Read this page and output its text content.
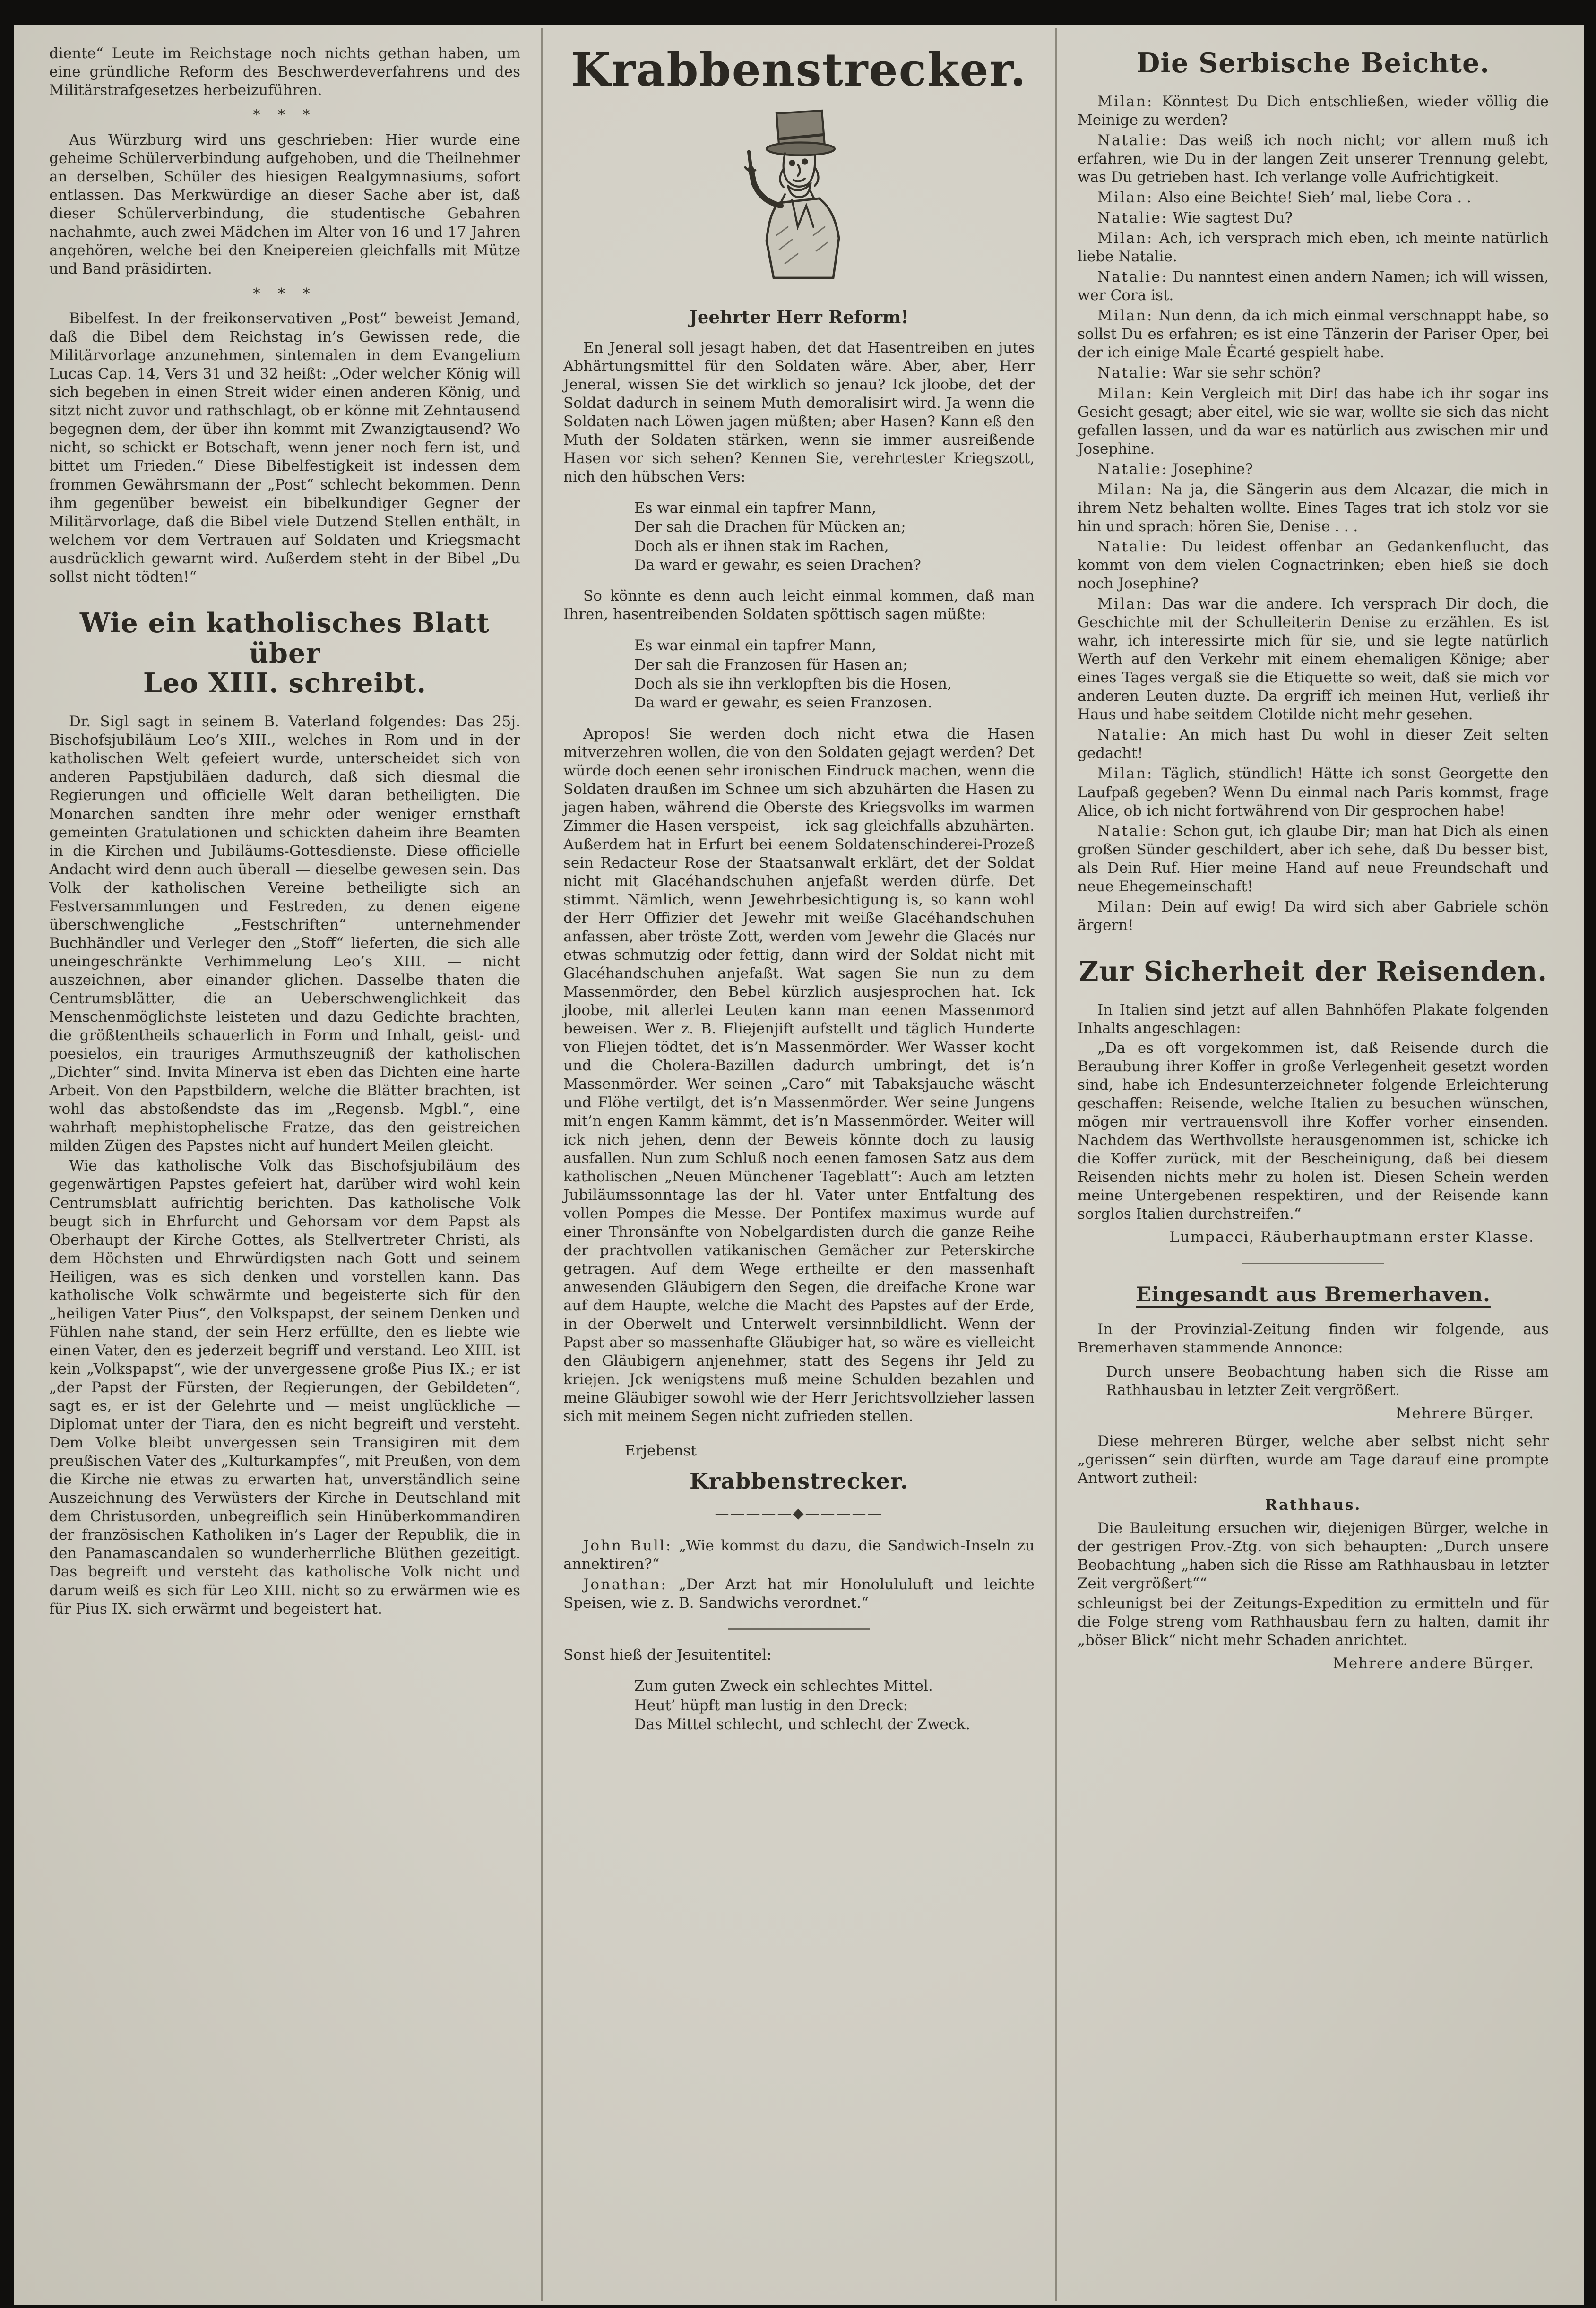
diente“ Leute im Reichstage noch nichts gethan haben, um eine gründliche Reform des Beschwerdeverfahrens und des Militärstrafgesetzes herbeizuführen.

* * *

Aus Würzburg wird uns geschrieben: Hier wurde eine geheime Schülerverbindung aufgehoben, und die Theilnehmer an derselben, Schüler des hiesigen Realgymnasiums, sofort entlassen. Das Merkwürdige an dieser Sache aber ist, daß dieser Schülerverbindung, die studentische Gebahren nachahmte, auch zwei Mädchen im Alter von 16 und 17 Jahren angehören, welche bei den Kneipereien gleichfalls mit Mütze und Band präsidirten.

* * *

Bibelfest. In der freikonservativen „Post“ beweist Jemand, daß die Bibel dem Reichstag in’s Gewissen rede, die Militärvorlage anzunehmen, sintemalen in dem Evangelium Lucas Cap. 14, Vers 31 und 32 heißt: „Oder welcher König will sich begeben in einen Streit wider einen anderen König, und sitzt nicht zuvor und rathschlagt, ob er könne mit Zehntausend begegnen dem, der über ihn kommt mit Zwanzigtausend? Wo nicht, so schickt er Botschaft, wenn jener noch fern ist, und bittet um Frieden.“ Diese Bibelfestigkeit ist indessen dem frommen Gewährsmann der „Post“ schlecht bekommen. Denn ihm gegenüber beweist ein bibelkundiger Gegner der Militärvorlage, daß die Bibel viele Dutzend Stellen enthält, in welchem vor dem Vertrauen auf Soldaten und Kriegsmacht ausdrücklich gewarnt wird. Außerdem steht in der Bibel „Du sollst nicht tödten!“

Wie ein katholisches Blatt über
Leo XIII. schreibt.

Dr. Sigl sagt in seinem B. Vaterland folgendes: Das 25j. Bischofsjubiläum Leo’s XIII., welches in Rom und in der katholischen Welt gefeiert wurde, unterscheidet sich von anderen Papstjubiläen dadurch, daß sich diesmal die Regierungen und officielle Welt daran betheiligten. Die Monarchen sandten ihre mehr oder weniger ernsthaft gemeinten Gratulationen und schickten daheim ihre Beamten in die Kirchen und Jubiläums-Gottesdienste. Diese officielle Andacht wird denn auch überall — dieselbe gewesen sein. Das Volk der katholischen Vereine betheiligte sich an Festversammlungen und Festreden, zu denen eigene überschwengliche „Festschriften“ unternehmender Buchhändler und Verleger den „Stoff“ lieferten, die sich alle uneingeschränkte Verhimmelung Leo’s XIII. — nicht auszeichnen, aber einander glichen. Dasselbe thaten die Centrumsblätter, die an Ueberschwenglichkeit das Menschenmöglichste leisteten und dazu Gedichte brachten, die größtentheils schauerlich in Form und Inhalt, geist- und poesielos, ein trauriges Armuthszeugniß der katholischen „Dichter“ sind. Invita Minerva ist eben das Dichten eine harte Arbeit. Von den Papstbildern, welche die Blätter brachten, ist wohl das abstoßendste das im „Regensb. Mgbl.“, eine wahrhaft mephistophelische Fratze, das den geistreichen milden Zügen des Papstes nicht auf hundert Meilen gleicht.

Wie das katholische Volk das Bischofsjubiläum des gegenwärtigen Papstes gefeiert hat, darüber wird wohl kein Centrumsblatt aufrichtig berichten. Das katholische Volk beugt sich in Ehrfurcht und Gehorsam vor dem Papst als Oberhaupt der Kirche Gottes, als Stellvertreter Christi, als dem Höchsten und Ehrwürdigsten nach Gott und seinem Heiligen, was es sich denken und vorstellen kann. Das katholische Volk schwärmte und begeisterte sich für den „heiligen Vater Pius“, den Volkspapst, der seinem Denken und Fühlen nahe stand, der sein Herz erfüllte, den es liebte wie einen Vater, den es jederzeit begriff und verstand. Leo XIII. ist kein „Volkspapst“, wie der unvergessene große Pius IX.; er ist „der Papst der Fürsten, der Regierungen, der Gebildeten“, sagt es, er ist der Gelehrte und — meist unglückliche — Diplomat unter der Tiara, den es nicht begreift und versteht. Dem Volke bleibt unvergessen sein Transigiren mit dem preußischen Vater des „Kulturkampfes“, mit Preußen, von dem die Kirche nie etwas zu erwarten hat, unverständlich seine Auszeichnung des Verwüsters der Kirche in Deutschland mit dem Christusorden, unbegreiflich sein Hinüberkommandiren der französischen Katholiken in’s Lager der Republik, die in den Panamascandalen so wunderherrliche Blüthen gezeitigt. Das begreift und versteht das katholische Volk nicht und darum weiß es sich für Leo XIII. nicht so zu erwärmen wie es für Pius IX. sich erwärmt und begeistert hat.

Krabbenstrecker.
Jeehrter Herr Reform!

En Jeneral soll jesagt haben, det dat Hasentreiben en jutes Abhärtungsmittel für den Soldaten wäre. Aber, aber, Herr Jeneral, wissen Sie det wirklich so jenau? Ick jloobe, det der Soldat dadurch in seinem Muth demoralisirt wird. Ja wenn die Soldaten nach Löwen jagen müßten; aber Hasen? Kann eß den Muth der Soldaten stärken, wenn sie immer ausreißende Hasen vor sich sehen? Kennen Sie, verehrtester Kriegszott, nich den hübschen Vers:

Es war einmal ein tapfrer Mann,
Der sah die Drachen für Mücken an;
Doch als er ihnen stak im Rachen,
Da ward er gewahr, es seien Drachen?

So könnte es denn auch leicht einmal kommen, daß man Ihren, hasentreibenden Soldaten spöttisch sagen müßte:

Es war einmal ein tapfrer Mann,
Der sah die Franzosen für Hasen an;
Doch als sie ihn verklopften bis die Hosen,
Da ward er gewahr, es seien Franzosen.

Apropos! Sie werden doch nicht etwa die Hasen mitverzehren wollen, die von den Soldaten gejagt werden? Det würde doch eenen sehr ironischen Eindruck machen, wenn die Soldaten draußen im Schnee um sich abzuhärten die Hasen zu jagen haben, während die Oberste des Kriegsvolks im warmen Zimmer die Hasen verspeist, — ick sag gleichfalls abzuhärten. Außerdem hat in Erfurt bei eenem Soldatenschinderei-Prozeß sein Redacteur Rose der Staatsanwalt erklärt, det der Soldat nicht mit Glacéhandschuhen anjefaßt werden dürfe. Det stimmt. Nämlich, wenn Jewehrbesichtigung is, so kann wohl der Herr Offizier det Jewehr mit weiße Glacéhandschuhen anfassen, aber tröste Zott, werden vom Jewehr die Glacés nur etwas schmutzig oder fettig, dann wird der Soldat nicht mit Glacéhandschuhen anjefaßt. Wat sagen Sie nun zu dem Massenmörder, den Bebel kürzlich ausjesprochen hat. Ick jloobe, mit allerlei Leuten kann man eenen Massenmord beweisen. Wer z. B. Fliejenjift aufstellt und täglich Hunderte von Fliejen tödtet, det is’n Massenmörder. Wer Wasser kocht und die Cholera-Bazillen dadurch umbringt, det is’n Massenmörder. Wer seinen „Caro“ mit Tabaksjauche wäscht und Flöhe vertilgt, det is’n Massenmörder. Wer seine Jungens mit’n engen Kamm kämmt, det is’n Massenmörder. Weiter will ick nich jehen, denn der Beweis könnte doch zu lausig ausfallen. Nun zum Schluß noch eenen famosen Satz aus dem katholischen „Neuen Münchener Tageblatt“: Auch am letzten Jubiläumssonntage las der hl. Vater unter Entfaltung des vollen Pompes die Messe. Der Pontifex maximus wurde auf einer Thronsänfte von Nobelgardisten durch die ganze Reihe der prachtvollen vatikanischen Gemächer zur Peterskirche getragen. Auf dem Wege ertheilte er den massenhaft anwesenden Gläubigern den Segen, die dreifache Krone war auf dem Haupte, welche die Macht des Papstes auf der Erde, in der Oberwelt und Unterwelt versinnbildlicht. Wenn der Papst aber so massenhafte Gläubiger hat, so wäre es vielleicht den Gläubigern anjenehmer, statt des Segens ihr Jeld zu kriejen. Jck wenigstens muß meine Schulden bezahlen und meine Gläubiger sowohl wie der Herr Jerichtsvollzieher lassen sich mit meinem Segen nicht zufrieden stellen.

Erjebenst
Krabbenstrecker.
—————◆—————

John Bull: „Wie kommst du dazu, die Sandwich-Inseln zu annektiren?“

Jonathan: „Der Arzt hat mir Honolululuft und leichte Speisen, wie z. B. Sandwichs verordnet.“

Sonst hieß der Jesuitentitel:

Zum guten Zweck ein schlechtes Mittel.
Heut’ hüpft man lustig in den Dreck:
Das Mittel schlecht, und schlecht der Zweck.
Die Serbische Beichte.

Milan: Könntest Du Dich entschließen, wieder völlig die Meinige zu werden?

Natalie: Das weiß ich noch nicht; vor allem muß ich erfahren, wie Du in der langen Zeit unserer Trennung gelebt, was Du getrieben hast. Ich verlange volle Aufrichtigkeit.

Milan: Also eine Beichte! Sieh’ mal, liebe Cora . .

Natalie: Wie sagtest Du?

Milan: Ach, ich versprach mich eben, ich meinte natürlich liebe Natalie.

Natalie: Du nanntest einen andern Namen; ich will wissen, wer Cora ist.

Milan: Nun denn, da ich mich einmal verschnappt habe, so sollst Du es erfahren; es ist eine Tänzerin der Pariser Oper, bei der ich einige Male Écarté gespielt habe.

Natalie: War sie sehr schön?

Milan: Kein Vergleich mit Dir! das habe ich ihr sogar ins Gesicht gesagt; aber eitel, wie sie war, wollte sie sich das nicht gefallen lassen, und da war es natürlich aus zwischen mir und Josephine.

Natalie: Josephine?

Milan: Na ja, die Sängerin aus dem Alcazar, die mich in ihrem Netz behalten wollte. Eines Tages trat ich stolz vor sie hin und sprach: hören Sie, Denise . . .

Natalie: Du leidest offenbar an Gedankenflucht, das kommt von dem vielen Cognactrinken; eben hieß sie doch noch Josephine?

Milan: Das war die andere. Ich versprach Dir doch, die Geschichte mit der Schulleiterin Denise zu erzählen. Es ist wahr, ich interessirte mich für sie, und sie legte natürlich Werth auf den Verkehr mit einem ehemaligen Könige; aber eines Tages vergaß sie die Etiquette so weit, daß sie mich vor anderen Leuten duzte. Da ergriff ich meinen Hut, verließ ihr Haus und habe seitdem Clotilde nicht mehr gesehen.

Natalie: An mich hast Du wohl in dieser Zeit selten gedacht!

Milan: Täglich, stündlich! Hätte ich sonst Georgette den Laufpaß gegeben? Wenn Du einmal nach Paris kommst, frage Alice, ob ich nicht fortwährend von Dir gesprochen habe!

Natalie: Schon gut, ich glaube Dir; man hat Dich als einen großen Sünder geschildert, aber ich sehe, daß Du besser bist, als Dein Ruf. Hier meine Hand auf neue Freundschaft und neue Ehegemeinschaft!

Milan: Dein auf ewig! Da wird sich aber Gabriele schön ärgern!

Zur Sicherheit der Reisenden.

In Italien sind jetzt auf allen Bahnhöfen Plakate folgenden Inhalts angeschlagen:

„Da es oft vorgekommen ist, daß Reisende durch die Beraubung ihrer Koffer in große Verlegenheit gesetzt worden sind, habe ich Endesunterzeichneter folgende Erleichterung geschaffen: Reisende, welche Italien zu besuchen wünschen, mögen mir vertrauensvoll ihre Koffer vorher einsenden. Nachdem das Werthvollste herausgenommen ist, schicke ich die Koffer zurück, mit der Bescheinigung, daß bei diesem Reisenden nichts mehr zu holen ist. Diesen Schein werden meine Untergebenen respektiren, und der Reisende kann sorglos Italien durchstreifen.“

Lumpacci, Räuberhauptmann erster Klasse.

Eingesandt aus Bremerhaven.

In der Provinzial-Zeitung finden wir folgende, aus Bremerhaven stammende Annonce:

Durch unsere Beobachtung haben sich die Risse am Rathhausbau in letzter Zeit vergrößert.

Mehrere Bürger.

Diese mehreren Bürger, welche aber selbst nicht sehr „gerissen“ sein dürften, wurde am Tage darauf eine prompte Antwort zutheil:

Rathhaus.

Die Bauleitung ersuchen wir, diejenigen Bürger, welche in der gestrigen Prov.-Ztg. von sich behaupten: „Durch unsere Beobachtung „haben sich die Risse am Rathhausbau in letzter Zeit vergrößert““

schleunigst bei der Zeitungs-Expedition zu ermitteln und für die Folge streng vom Rathhausbau fern zu halten, damit ihr „böser Blick“ nicht mehr Schaden anrichtet.

Mehrere andere Bürger.
